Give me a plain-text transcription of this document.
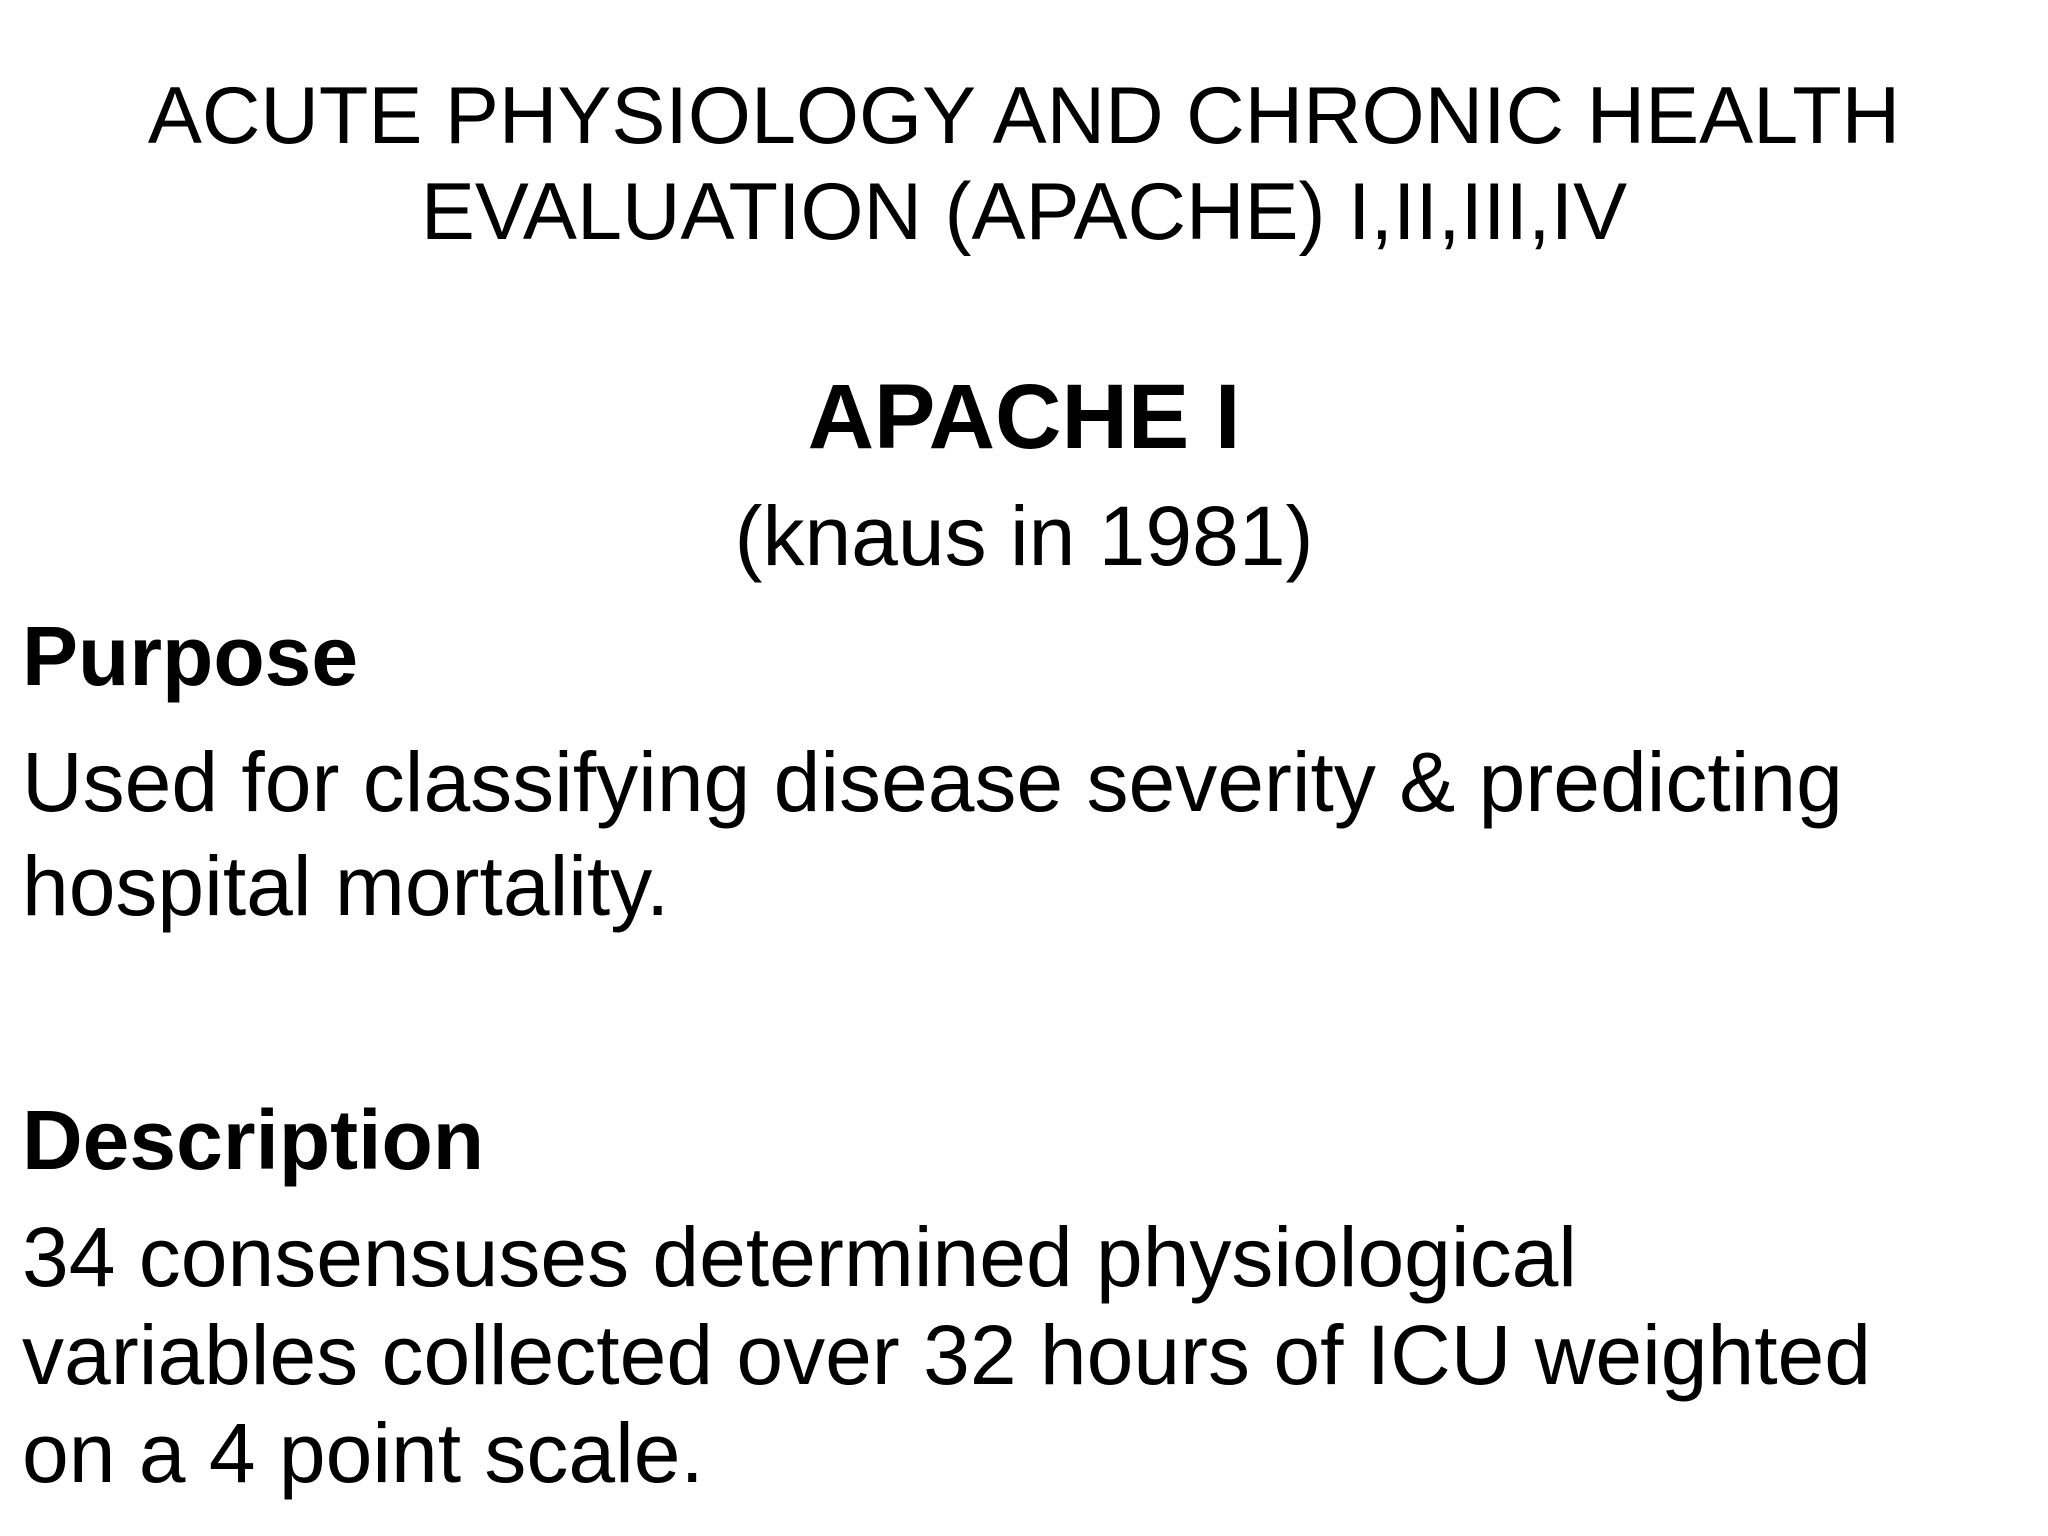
ACUTE PHYSIOLOGY AND CHRONIC HEALTH
EVALUATION (APACHE) I,II,III,IV
APACHE I

(knaus in 1981)

Purpose

Used for classifying disease severity & predicting
hospital mortality.

Description

34 consensuses determined physiological
variables collected over 32 hours of ICU weighted
on a 4 point scale.
